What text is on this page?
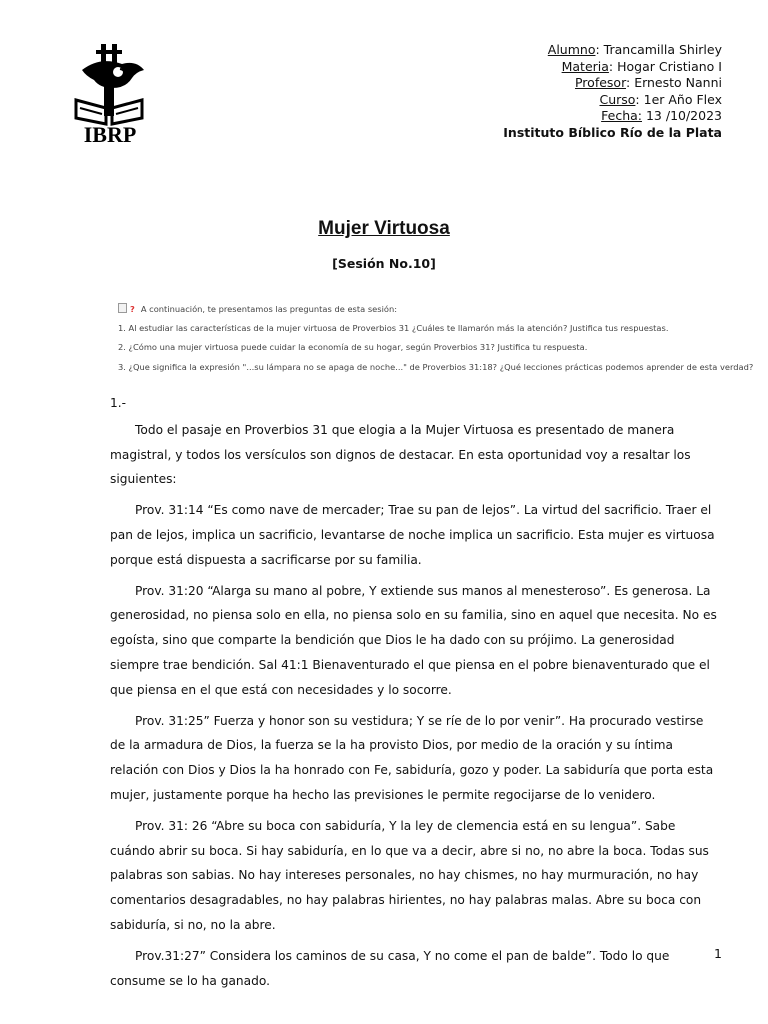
IBRP
Alumno: Trancamilla Shirley
Materia: Hogar Cristiano I
Profesor: Ernesto Nanni
Curso: 1er Año Flex
Fecha: 13 /10/2023
Instituto Bíblico Río de la Plata
Mujer Virtuosa
[Sesión No.10]
? A continuación, te presentamos las preguntas de esta sesión:
1. Al estudiar las características de la mujer virtuosa de Proverbios 31 ¿Cuáles te llamarón más la atención? Justifica tus respuestas.
2. ¿Cómo una mujer virtuosa puede cuidar la economía de su hogar, según Proverbios 31? Justifica tu respuesta.
3. ¿Que significa la expresión "...su lámpara no se apaga de noche..." de Proverbios 31:18? ¿Qué lecciones prácticas podemos aprender de esta verdad?

1.-

Todo el pasaje en Proverbios 31 que elogia a la Mujer Virtuosa es presentado de manera magistral, y todos los versículos son dignos de destacar. En esta oportunidad voy a resaltar los siguientes:

Prov. 31:14 “Es como nave de mercader; Trae su pan de lejos”. La virtud del sacrificio. Traer el pan de lejos, implica un sacrificio, levantarse de noche implica un sacrificio. Esta mujer es virtuosa porque está dispuesta a sacrificarse por su familia.

Prov. 31:20 “Alarga su mano al pobre, Y extiende sus manos al menesteroso”. Es generosa. La generosidad, no piensa solo en ella, no piensa solo en su familia, sino en aquel que necesita. No es egoísta, sino que comparte la bendición que Dios le ha dado con su prójimo. La generosidad siempre trae bendición. Sal 41:1 Bienaventurado el que piensa en el pobre bienaventurado que el que piensa en el que está con necesidades y lo socorre.

Prov. 31:25” Fuerza y honor son su vestidura; Y se ríe de lo por venir”. Ha procurado vestirse de la armadura de Dios, la fuerza se la ha provisto Dios, por medio de la oración y su íntima relación con Dios y Dios la ha honrado con Fe, sabiduría, gozo y poder. La sabiduría que porta esta mujer, justamente porque ha hecho las previsiones le permite regocijarse de lo venidero.

Prov. 31: 26 “Abre su boca con sabiduría, Y la ley de clemencia está en su lengua”. Sabe cuándo abrir su boca. Si hay sabiduría, en lo que va a decir, abre si no, no abre la boca. Todas sus palabras son sabias. No hay intereses personales, no hay chismes, no hay murmuración, no hay comentarios desagradables, no hay palabras hirientes, no hay palabras malas. Abre su boca con sabiduría, si no, no la abre.

Prov.31:27” Considera los caminos de su casa, Y no come el pan de balde”. Todo lo que consume se lo ha ganado.

1
